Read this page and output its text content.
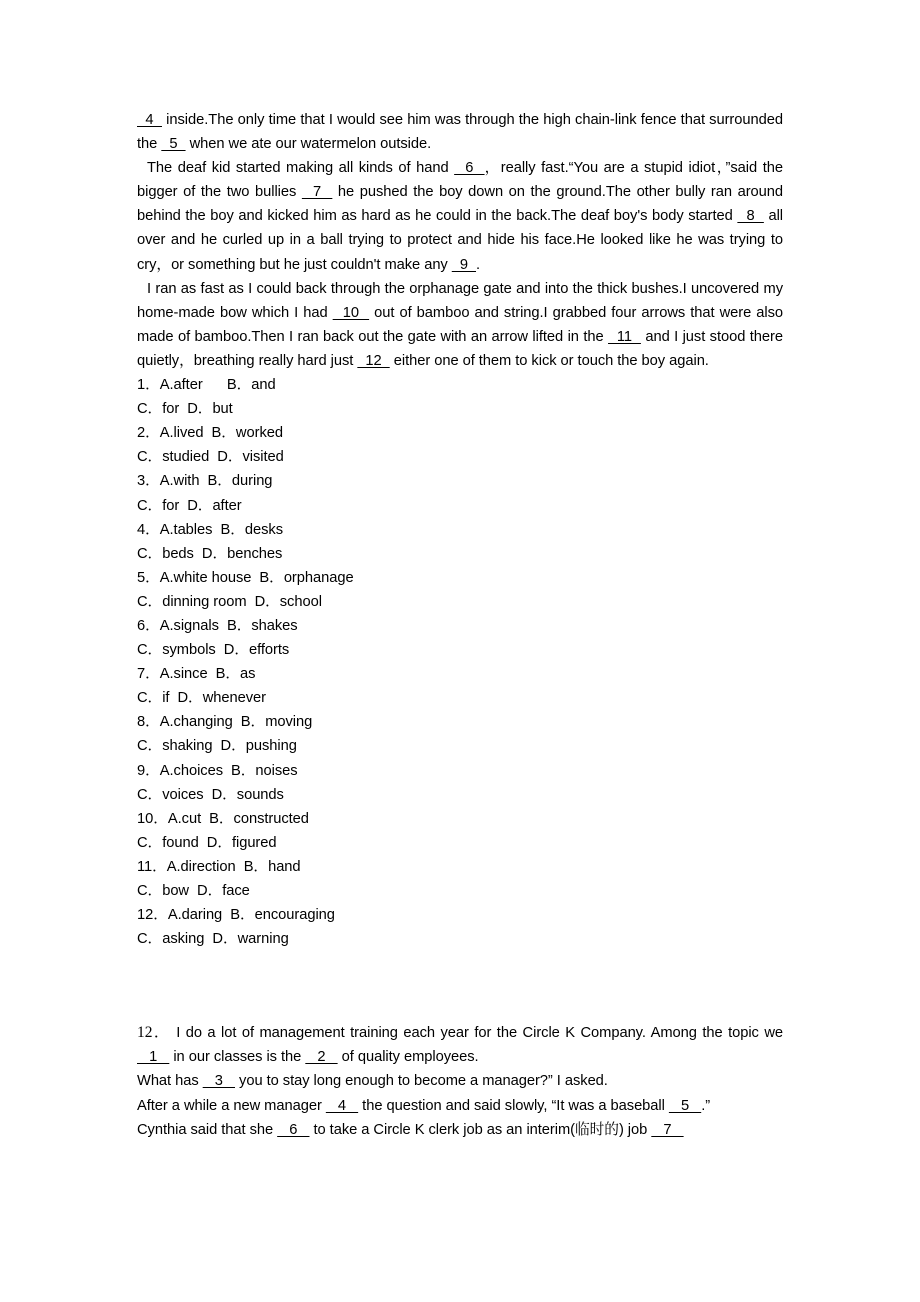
4   inside.The only time that I would see him was through the high chain-link fence that surrounded the   5   when we ate our watermelon outside.

The deaf kid started making all kinds of hand   6  ，really fast.“You are a stupid idiot，”said the bigger of the two bullies   7   he pushed the boy down on the ground.The other bully ran around behind the boy and kicked him as hard as he could in the back.The deaf boy's body started   8   all over and he curled up in a ball trying to protect and hide his face.He looked like he was trying to cry，or something but he just couldn't make any   9  .

I ran as fast as I could back through the orphanage gate and into the thick bushes.I uncovered my home-made bow which I had   10   out of bamboo and string.I grabbed four arrows that were also made of bamboo.Then I ran back out the gate with an arrow lifted in the   11   and I just stood there quietly，breathing really hard just   12   either one of them to kick or touch the boy again.

1．A.after      B．and
C．for  D．but
2．A.lived  B．worked
C．studied  D．visited
3．A.with  B．during
C．for  D．after
4．A.tables  B．desks
C．beds  D．benches
5．A.white house  B．orphanage
C．dinning room  D．school
6．A.signals  B．shakes
C．symbols  D．efforts
7．A.since  B．as
C．if  D．whenever
8．A.changing  B．moving
C．shaking  D．pushing
9．A.choices  B．noises
C．voices  D．sounds
10．A.cut  B．constructed
C．found  D．figured
11．A.direction  B．hand
C．bow  D．face
12．A.daring  B．encouraging
C．asking  D．warning

12． I do a lot of management training each year for the Circle K Company. Among the topic we    1    in our classes is the    2    of quality employees.

What has    3    you to stay long enough to become a manager?” I asked.

After a while a new manager    4    the question and said slowly, “It was a baseball    5   .”

Cynthia said that she    6    to take a Circle K clerk job as an interim(临时的) job    7
